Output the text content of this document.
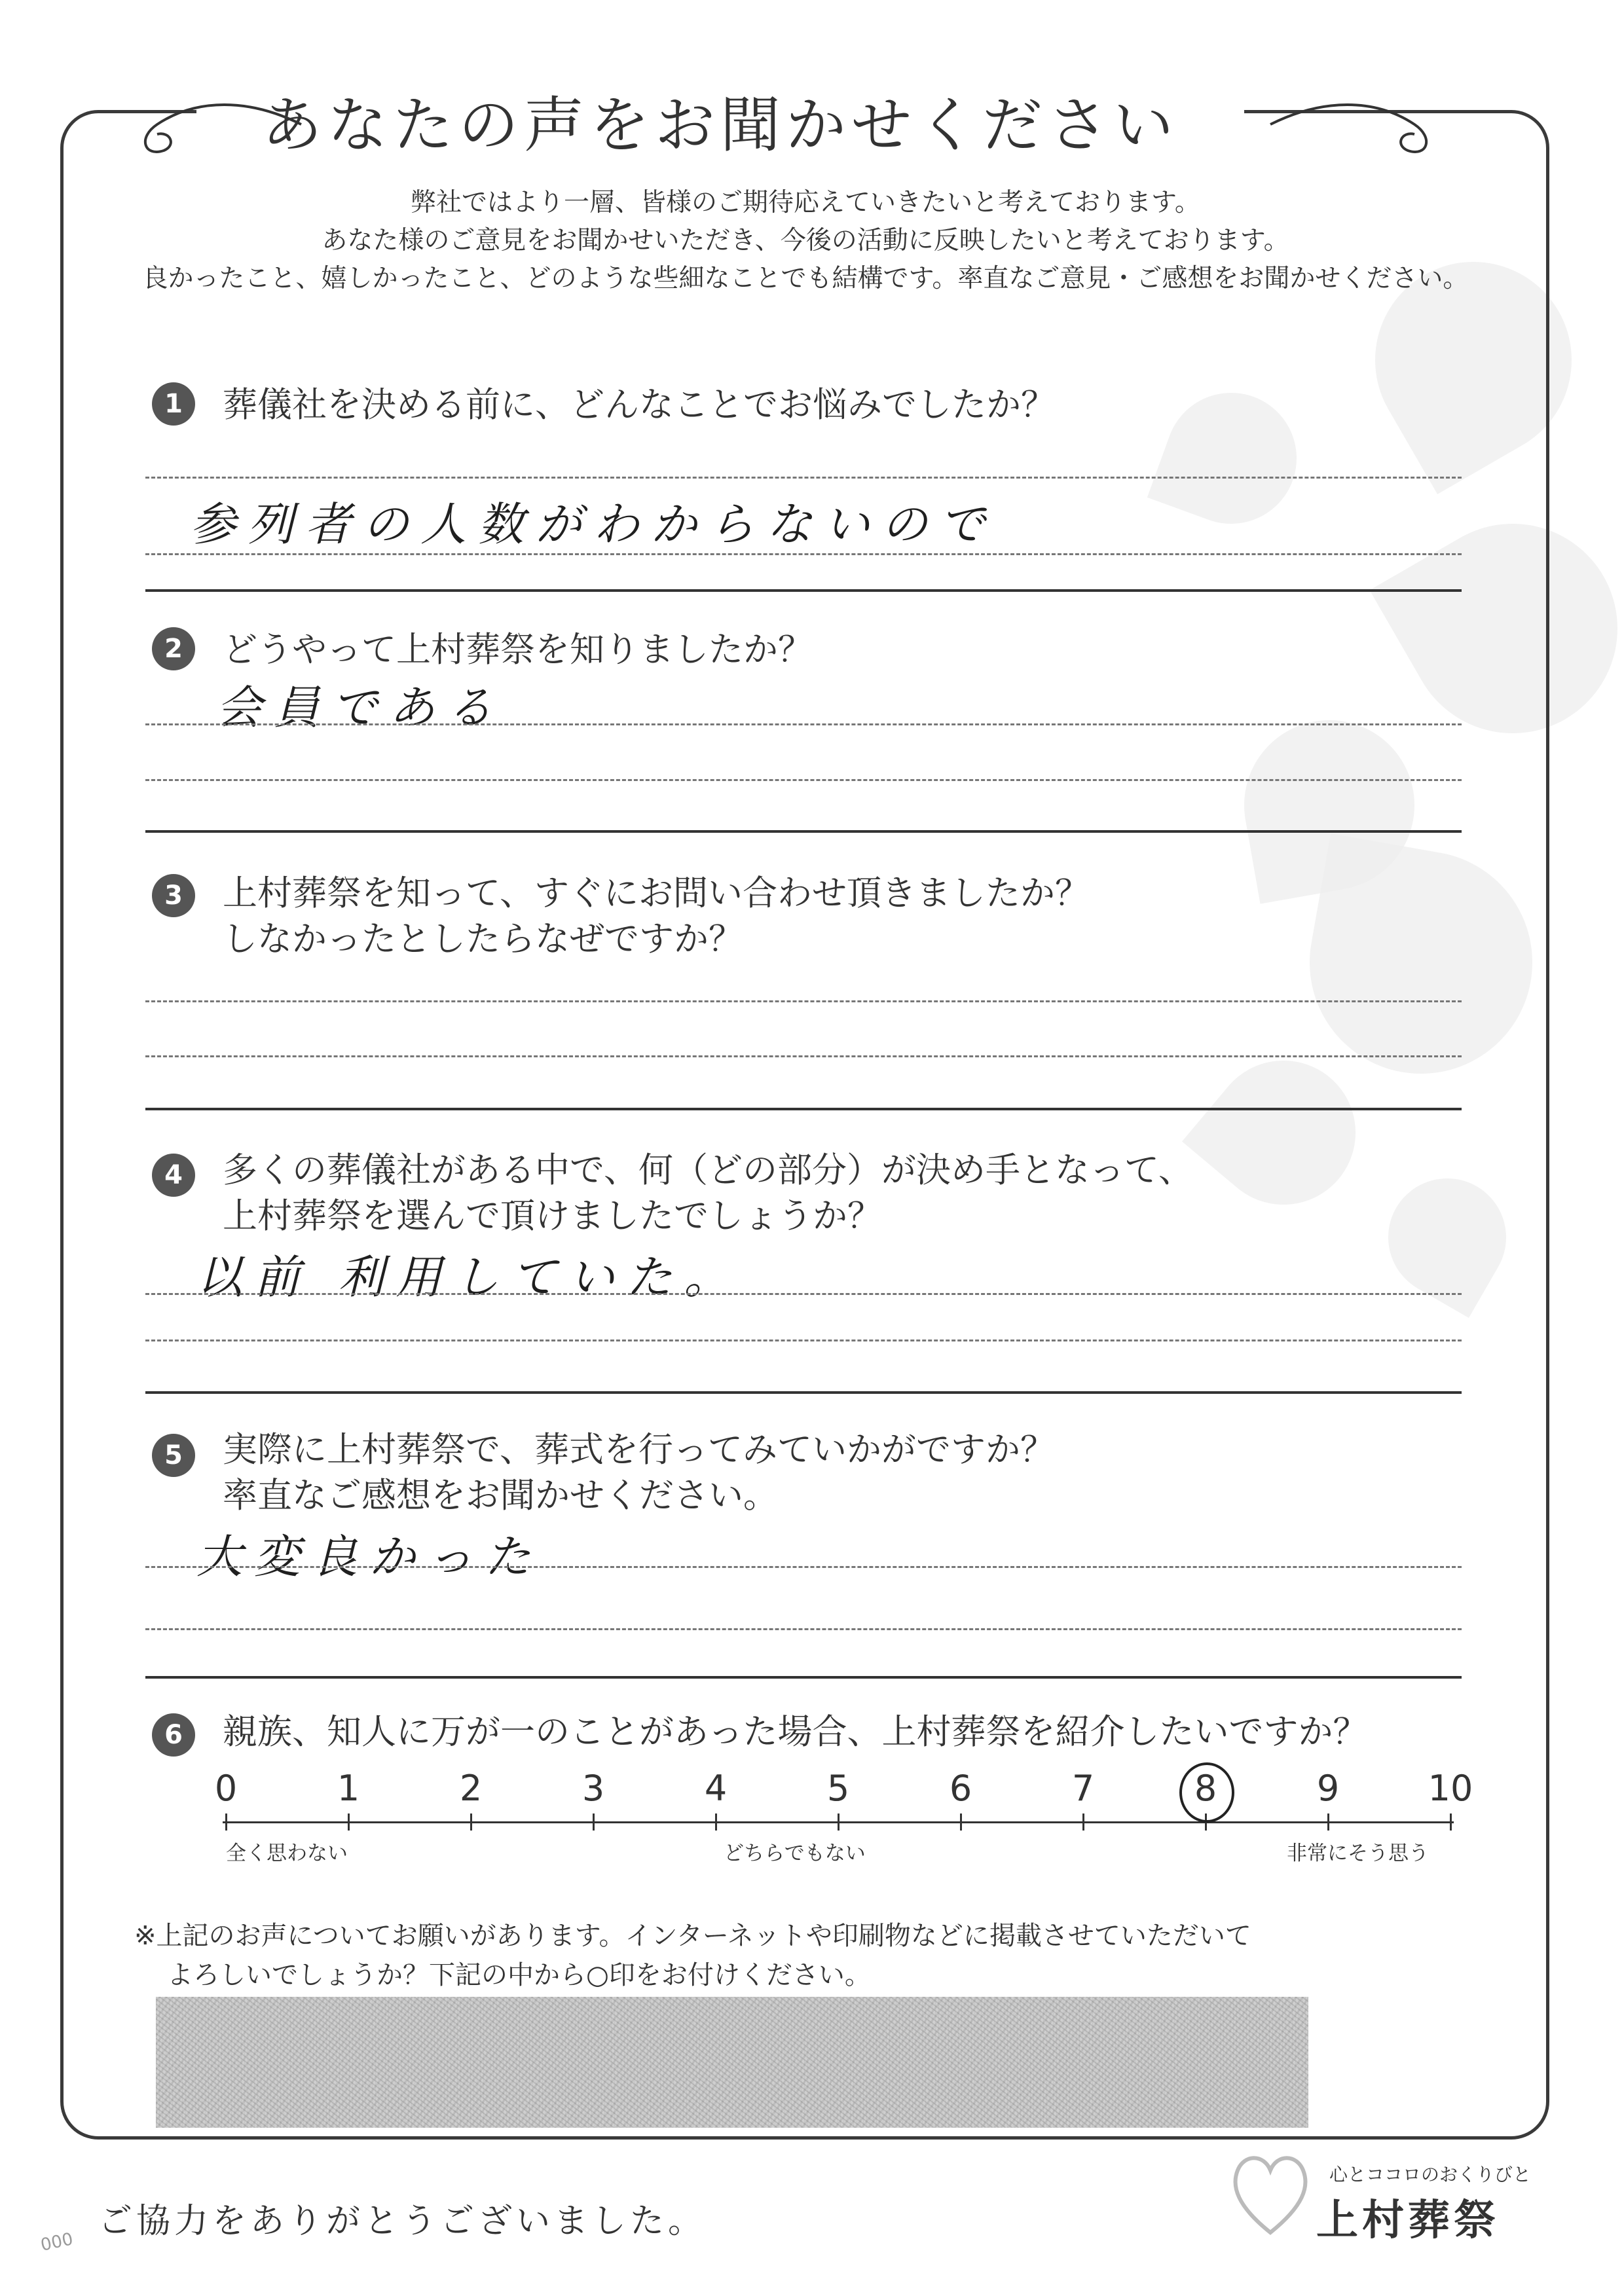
あなたの声をお聞かせください
弊社ではより一層、皆様のご期待応えていきたいと考えております。
あなた様のご意見をお聞かせいただき、今後の活動に反映したいと考えております。
良かったこと、嬉しかったこと、どのような些細なことでも結構です。率直なご意見・ご感想をお聞かせください。
1	葬儀社を決める前に、どんなことでお悩みでしたか？
参列者の人数がわからないので
2	どうやって上村葬祭を知りましたか？
会員である
3	上村葬祭を知って、すぐにお問い合わせ頂きましたか？
しなかったとしたらなぜですか？
4	多くの葬儀社がある中で、何（どの部分）が決め手となって、
上村葬祭を選んで頂けましたでしょうか？
以前 利用していた。
5	実際に上村葬祭で、葬式を行ってみていかがですか？
率直なご感想をお聞かせください。
大変良かった
6	親族、知人に万が一のことがあった場合、上村葬祭を紹介したいですか？
全く思わない	どちらでもない	非常にそう思う
※上記のお声についてお願いがあります。インターネットや印刷物などに掲載させていただいて
よろしいでしょうか？下記の中から○印をお付けください。
000
ご協力をありがとうございました。
心とココロのおくりびと
上村葬祭
0	1	2	3	4	5	6	7	8	9	10
